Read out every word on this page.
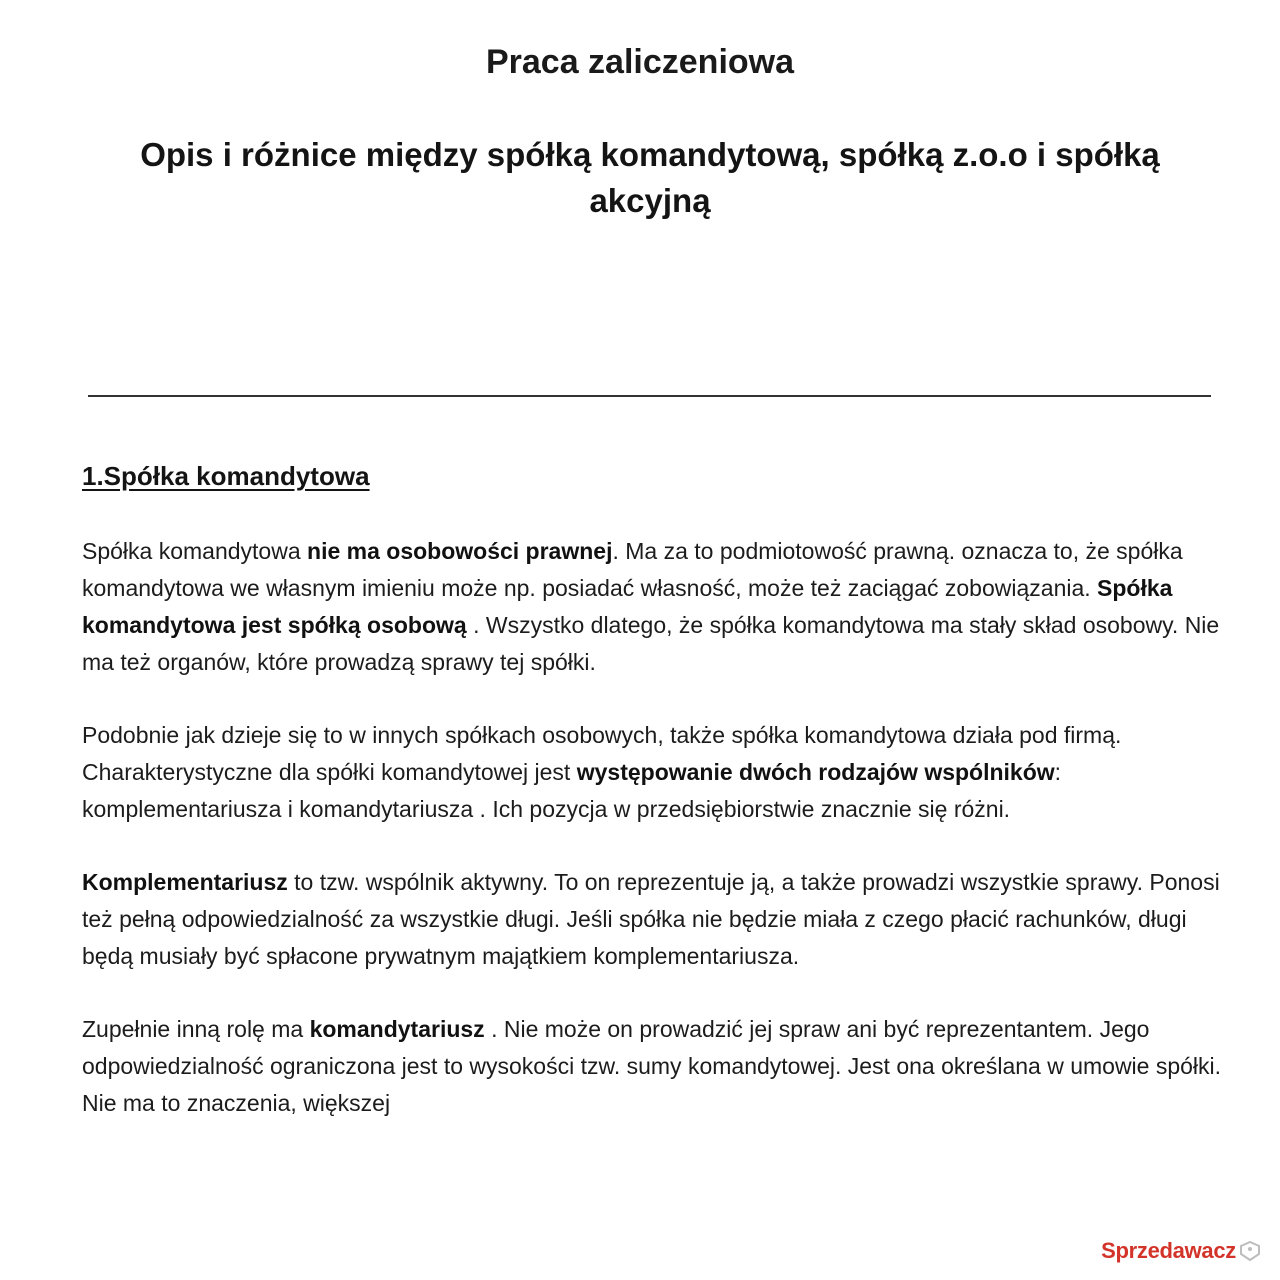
Praca zaliczeniowa
Opis i różnice między spółką komandytową, spółką z.o.o i spółką akcyjną
1.Spółka komandytowa

Spółka komandytowa nie ma osobowości prawnej. Ma za to podmiotowość prawną. oznacza to, że spółka komandytowa we własnym imieniu może np. posiadać własność, może też zaciągać zobowiązania. Spółka komandytowa jest spółką osobową . Wszystko dlatego, że spółka komandytowa ma stały skład osobowy. Nie ma też organów, które prowadzą sprawy tej spółki.

Podobnie jak dzieje się to w innych spółkach osobowych, także spółka komandytowa działa pod firmą. Charakterystyczne dla spółki komandytowej jest występowanie dwóch rodzajów wspólników: komplementariusza i komandytariusza . Ich pozycja w przedsiębiorstwie znacznie się różni.

Komplementariusz to tzw. wspólnik aktywny. To on reprezentuje ją, a także prowadzi wszystkie sprawy. Ponosi też pełną odpowiedzialność za wszystkie długi. Jeśli spółka nie będzie miała z czego płacić rachunków, długi będą musiały być spłacone prywatnym majątkiem komplementariusza.

Zupełnie inną rolę ma komandytariusz . Nie może on prowadzić jej spraw ani być reprezentantem. Jego odpowiedzialność ograniczona jest to wysokości tzw. sumy komandytowej. Jest ona określana w umowie spółki. Nie ma to znaczenia, większej

Sprzedawacz
